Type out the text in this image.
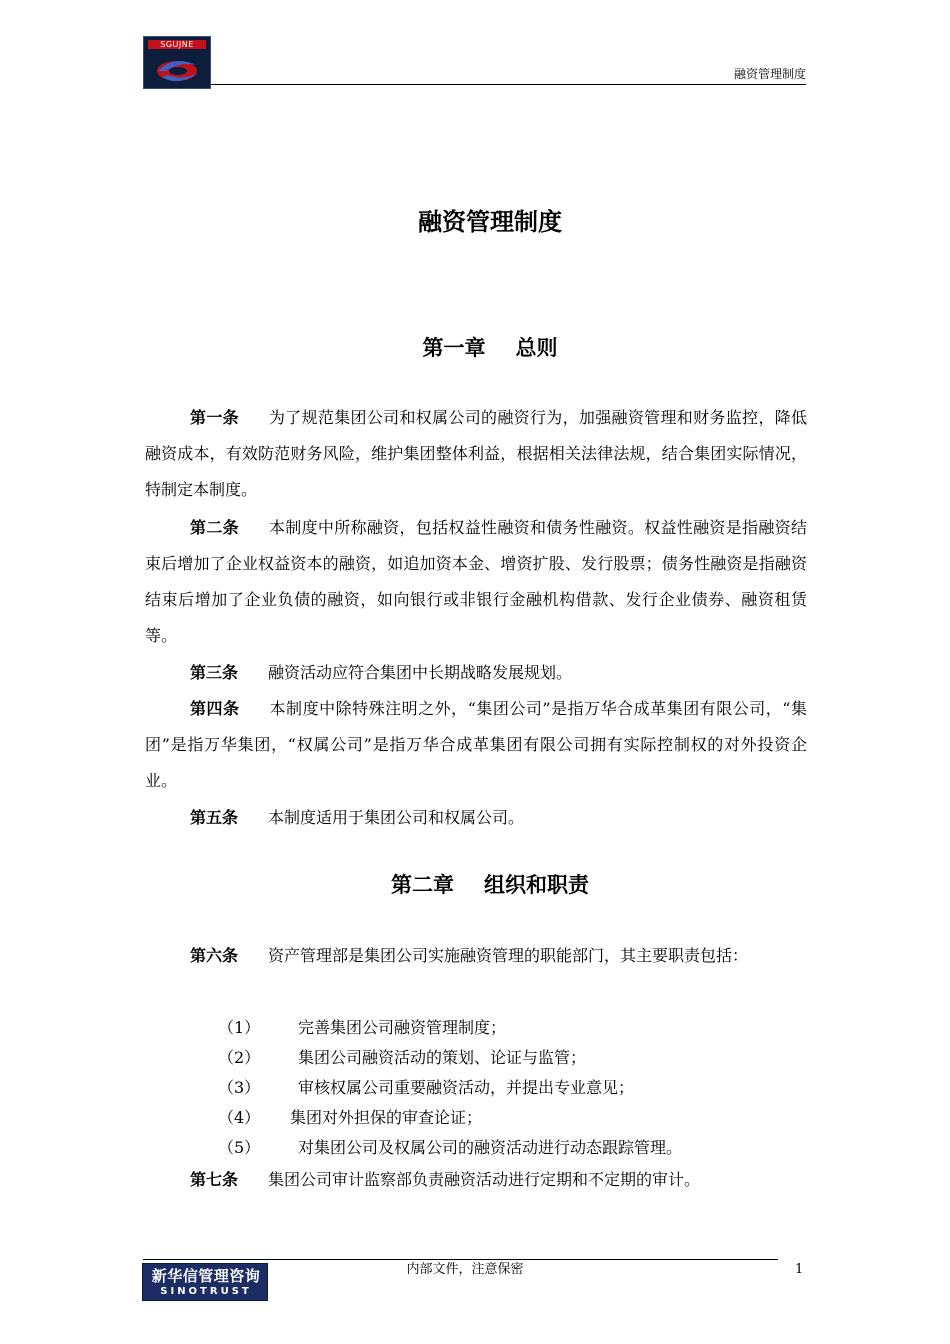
SGUJNE
融资管理制度
融资管理制度
第一章 总则

第一条 为了规范集团公司和权属公司的融资行为，加强融资管理和财务监控，降低融资成本，有效防范财务风险，维护集团整体利益，根据相关法律法规，结合集团实际情况，特制定本制度。

第二条 本制度中所称融资，包括权益性融资和债务性融资。权益性融资是指融资结束后增加了企业权益资本的融资，如追加资本金、增资扩股、发行股票；债务性融资是指融资结束后增加了企业负债的融资，如向银行或非银行金融机构借款、发行企业债券、融资租赁等。

第三条 融资活动应符合集团中长期战略发展规划。

第四条 本制度中除特殊注明之外，“集团公司”是指万华合成革集团有限公司，“集团”是指万华集团，“权属公司”是指万华合成革集团有限公司拥有实际控制权的对外投资企业。

第五条 本制度适用于集团公司和权属公司。

第二章 组织和职责

第六条 资产管理部是集团公司实施融资管理的职能部门，其主要职责包括：

（1） 完善集团公司融资管理制度；
（2） 集团公司融资活动的策划、论证与监管；
（3） 审核权属公司重要融资活动，并提出专业意见；
（4） 集团对外担保的审查论证；
（5） 对集团公司及权属公司的融资活动进行动态跟踪管理。

第七条 集团公司审计监察部负责融资活动进行定期和不定期的审计。

内部文件，注意保密	1
新华信管理咨询
SINOTRUST
